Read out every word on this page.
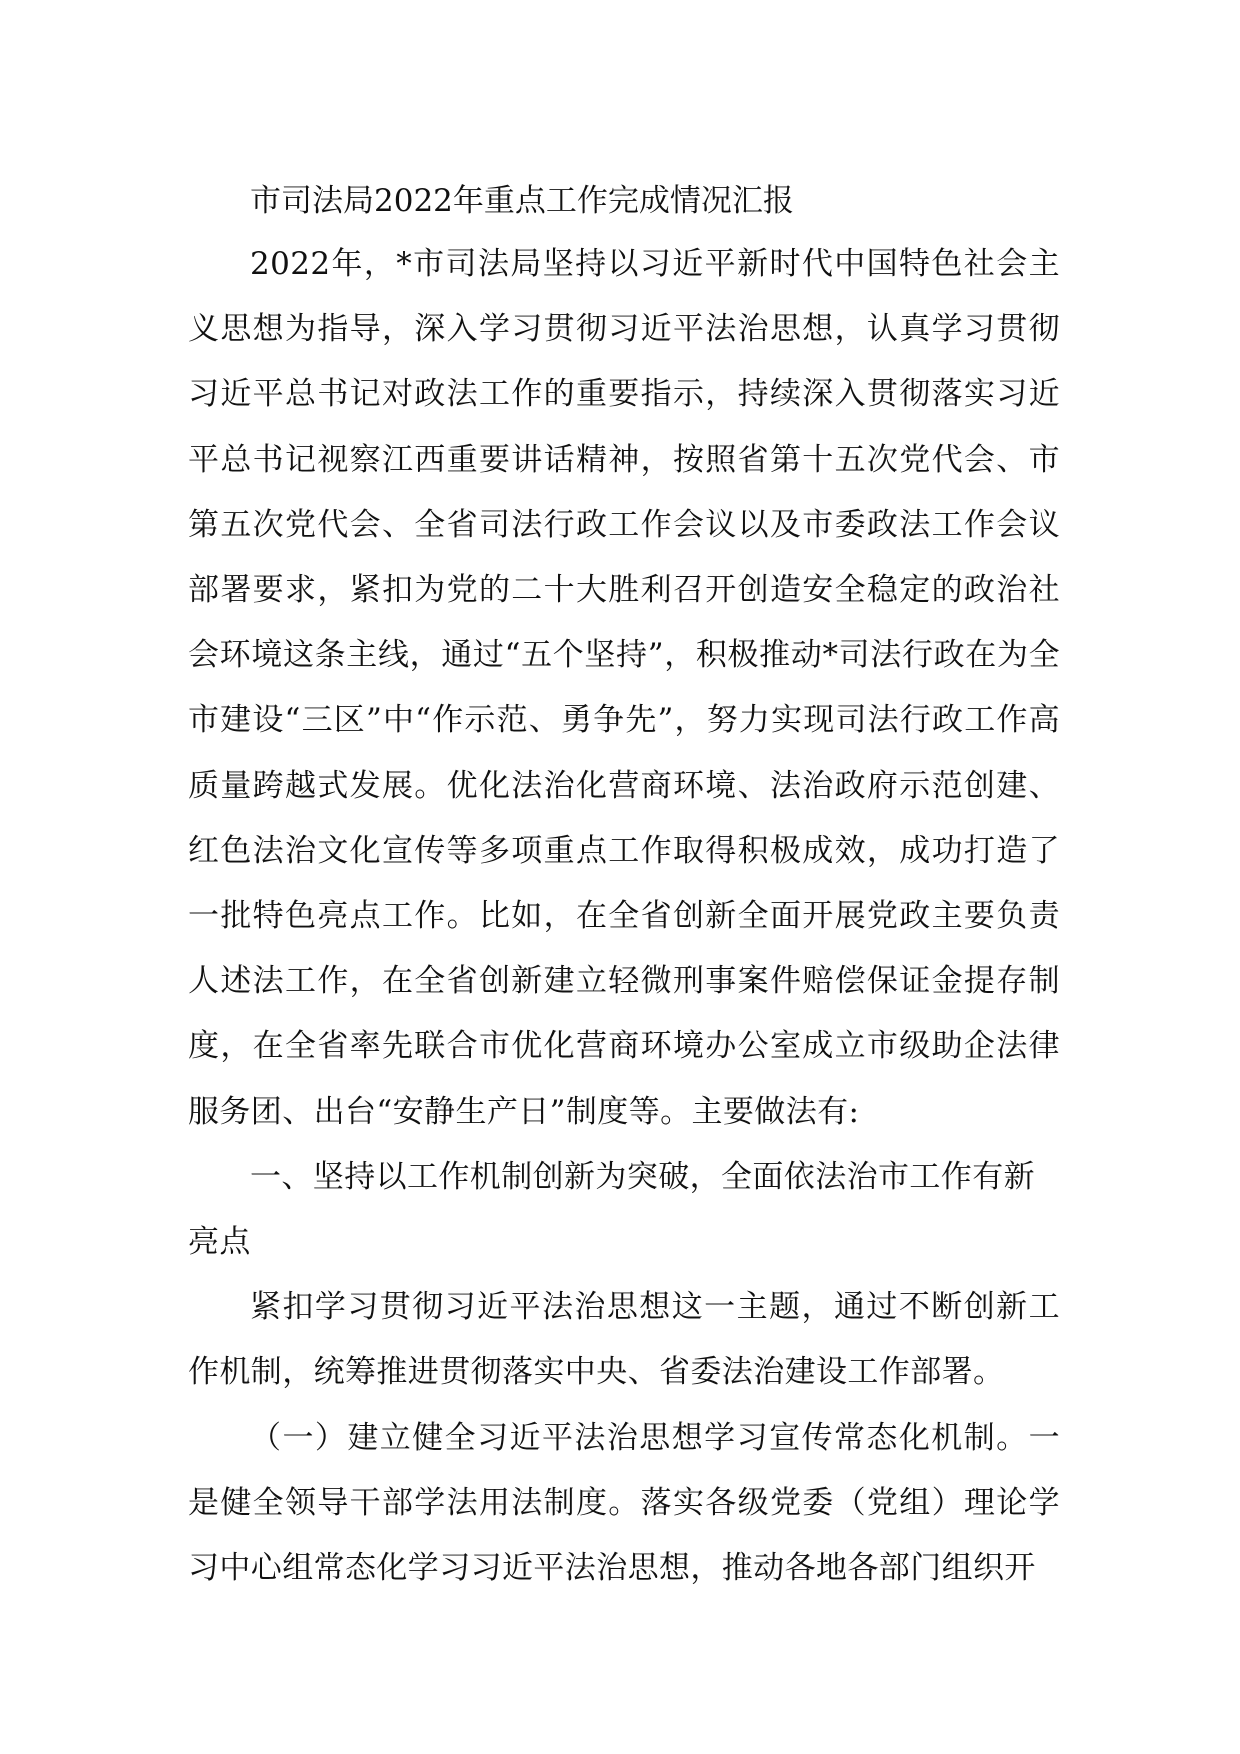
市司法局2022年重点工作完成情况汇报

2022年，*市司法局坚持以习近平新时代中国特色社会主义思想为指导，深入学习贯彻习近平法治思想，认真学习贯彻习近平总书记对政法工作的重要指示，持续深入贯彻落实习近平总书记视察江西重要讲话精神，按照省第十五次党代会、市第五次党代会、全省司法行政工作会议以及市委政法工作会议部署要求，紧扣为党的二十大胜利召开创造安全稳定的政治社会环境这条主线，通过“五个坚持”，积极推动*司法行政在为全市建设“三区”中“作示范、勇争先”，努力实现司法行政工作高质量跨越式发展。优化法治化营商环境、法治政府示范创建、红色法治文化宣传等多项重点工作取得积极成效，成功打造了一批特色亮点工作。比如，在全省创新全面开展党政主要负责人述法工作，在全省创新建立轻微刑事案件赔偿保证金提存制度，在全省率先联合市优化营商环境办公室成立市级助企法律服务团、出台“安静生产日”制度等。主要做法有:

一、坚持以工作机制创新为突破，全面依法治市工作有新亮点

紧扣学习贯彻习近平法治思想这一主题，通过不断创新工作机制，统筹推进贯彻落实中央、省委法治建设工作部署。

（一）建立健全习近平法治思想学习宣传常态化机制。一是健全领导干部学法用法制度。落实各级党委（党组）理论学习中心组常态化学习习近平法治思想，推动各地各部门组织开
